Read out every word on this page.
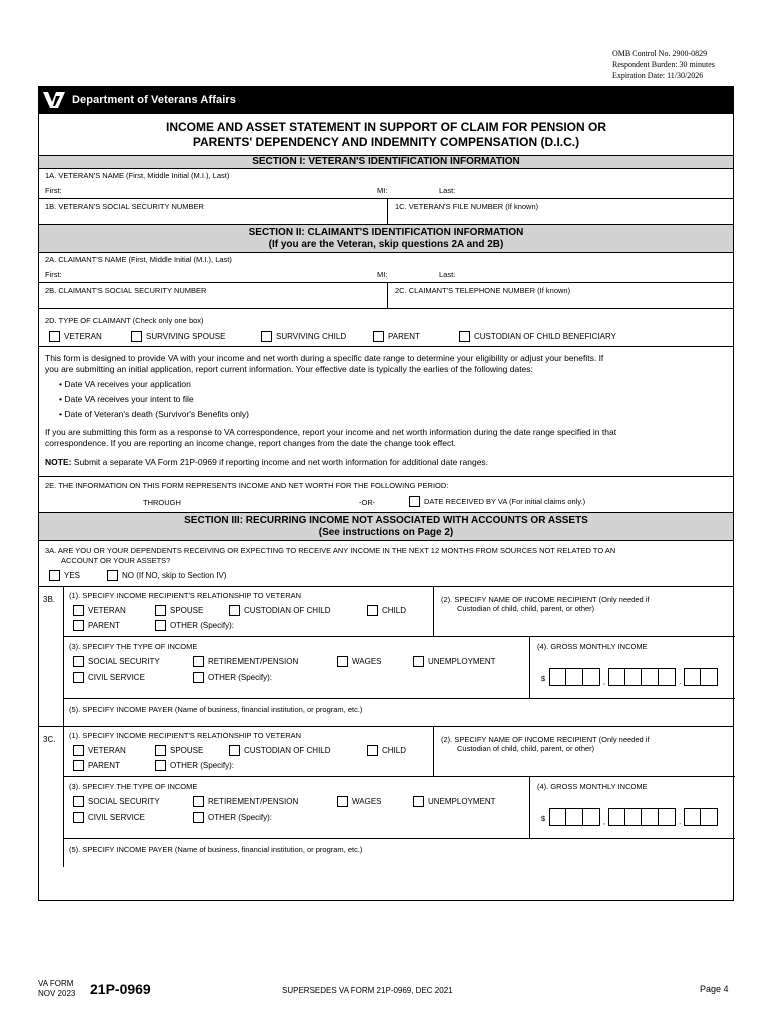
OMB Control No. 2900-0829
Respondent Burden: 30 minutes
Expiration Date: 11/30/2026
Department of Veterans Affairs
INCOME AND ASSET STATEMENT IN SUPPORT OF CLAIM FOR PENSION OR
PARENTS' DEPENDENCY AND INDEMNITY COMPENSATION (D.I.C.)
SECTION I: VETERAN'S IDENTIFICATION INFORMATION
1A. VETERAN'S NAME (First, Middle Initial (M.I.), Last)
First:	MI:	Last:
1B. VETERAN'S SOCIAL SECURITY NUMBER	1C. VETERAN'S FILE NUMBER (If known)
SECTION II: CLAIMANT'S IDENTIFICATION INFORMATION
(If you are the Veteran, skip questions 2A and 2B)
2A. CLAIMANT'S NAME (First, Middle Initial (M.I.), Last)
First:	MI:	Last:
2B. CLAIMANT'S SOCIAL SECURITY NUMBER	2C. CLAIMANT'S TELEPHONE NUMBER (If known)
2D. TYPE OF CLAIMANT (Check only one box)
VETERAN	SURVIVING SPOUSE	SURVIVING CHILD	PARENT	CUSTODIAN OF CHILD BENEFICIARY
This form is designed to provide VA with your income and net worth during a specific date range to determine your eligibility or adjust your benefits. If
you are submitting an initial application, report current information. Your effective date is typically the earlies of the following dates:
• Date VA receives your application
• Date VA receives your intent to file
• Date of Veteran's death (Survivor's Benefits only)
If you are submitting this form as a response to VA correspondence, report your income and net worth information during the date range specified in that
correspondence. If you are reporting an income change, report changes from the date the change took effect.
NOTE: Submit a separate VA Form 21P-0969 if reporting income and net worth information for additional date ranges.
2E. THE INFORMATION ON THIS FORM REPRESENTS INCOME AND NET WORTH FOR THE FOLLOWING PERIOD:
THROUGH	-OR-	DATE RECEIVED BY VA (For initial claims only.)
SECTION III: RECURRING INCOME NOT ASSOCIATED WITH ACCOUNTS OR ASSETS
(See instructions on Page 2)
3A. ARE YOU OR YOUR DEPENDENTS RECEIVING OR EXPECTING TO RECEIVE ANY INCOME IN THE NEXT 12 MONTHS FROM SOURCES NOT RELATED TO AN
ACCOUNT OR YOUR ASSETS?
YES	NO (If NO, skip to Section IV)
3B. (1). SPECIFY INCOME RECIPIENT'S RELATIONSHIP TO VETERAN
VETERAN	SPOUSE	CUSTODIAN OF CHILD	CHILD
PARENT	OTHER (Specify):
(2). SPECIFY NAME OF INCOME RECIPIENT (Only needed if
Custodian of child, child, parent, or other)
(3). SPECIFY THE TYPE OF INCOME
SOCIAL SECURITY	RETIREMENT/PENSION	WAGES	UNEMPLOYMENT
CIVIL SERVICE	OTHER (Specify):
(4). GROSS MONTHLY INCOME
$	,	.
(5). SPECIFY INCOME PAYER (Name of business, financial institution, or program, etc.)
3C. (1). SPECIFY INCOME RECIPIENT'S RELATIONSHIP TO VETERAN
VETERAN	SPOUSE	CUSTODIAN OF CHILD	CHILD
PARENT	OTHER (Specify):
(2). SPECIFY NAME OF INCOME RECIPIENT (Only needed if
Custodian of child, child, parent, or other)
(3). SPECIFY THE TYPE OF INCOME
SOCIAL SECURITY	RETIREMENT/PENSION	WAGES	UNEMPLOYMENT
CIVIL SERVICE	OTHER (Specify):
(4). GROSS MONTHLY INCOME
$	,	.
(5). SPECIFY INCOME PAYER (Name of business, financial institution, or program, etc.)
VA FORM
NOV 2023 21P-0969	SUPERSEDES VA FORM 21P-0969, DEC 2021	Page 4
